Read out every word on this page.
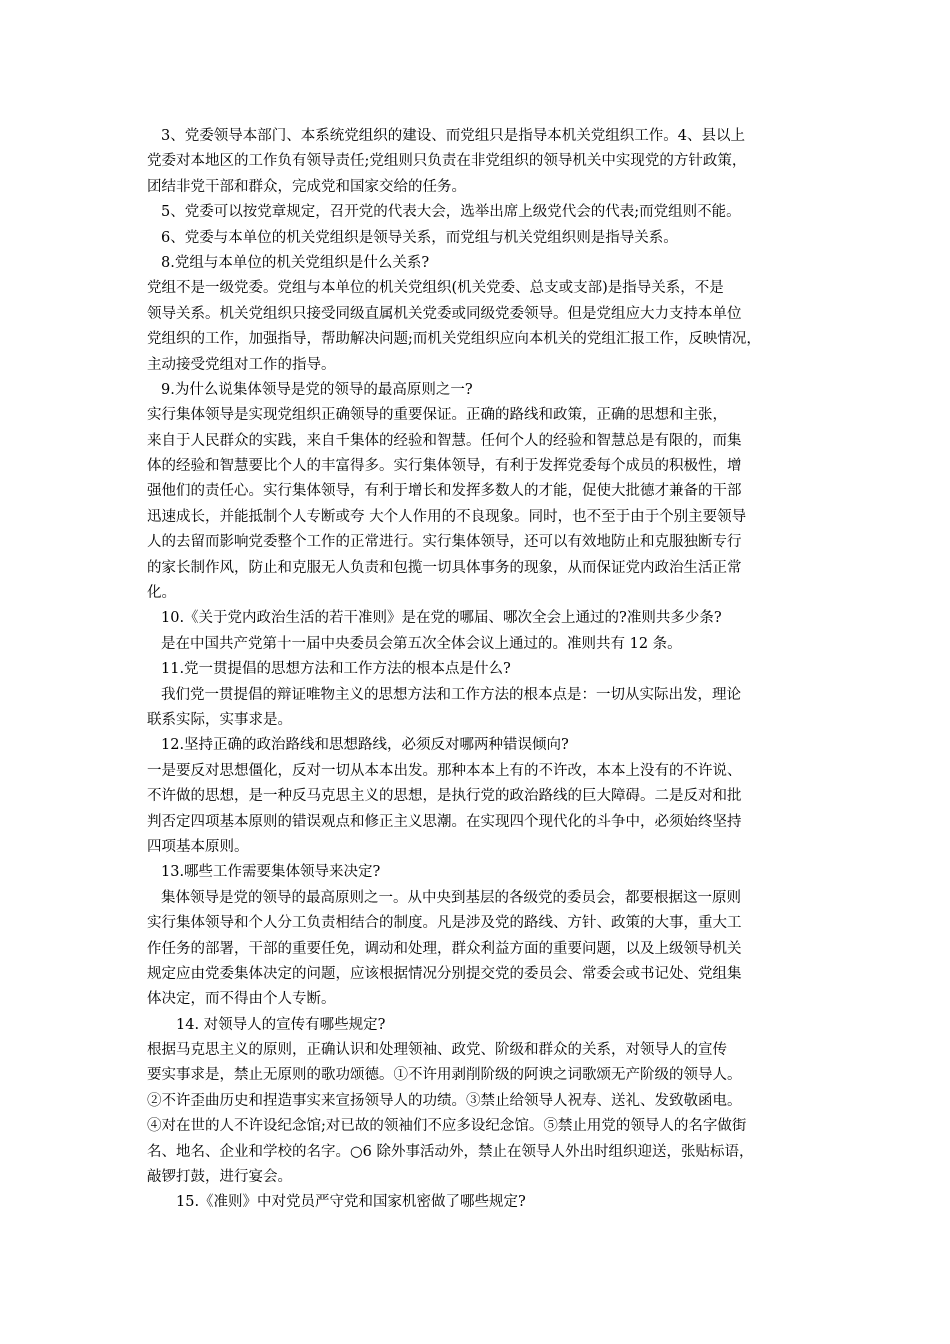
3、党委领导本部门、本系统党组织的建设、而党组只是指导本机关党组织工作。4、县以上
党委对本地区的工作负有领导责任;党组则只负责在非党组织的领导机关中实现党的方针政策，
团结非党干部和群众，完成党和国家交给的任务。
5、党委可以按党章规定，召开党的代表大会，选举出席上级党代会的代表;而党组则不能。
6、党委与本单位的机关党组织是领导关系，而党组与机关党组织则是指导关系。
8.党组与本单位的机关党组织是什么关系?
党组不是一级党委。党组与本单位的机关党组织(机关党委、总支或支部)是指导关系，不是
领导关系。机关党组织只接受同级直属机关党委或同级党委领导。但是党组应大力支持本单位
党组织的工作，加强指导，帮助解决问题;而机关党组织应向本机关的党组汇报工作，反映情况，
主动接受党组对工作的指导。
9.为什么说集体领导是党的领导的最高原则之一?
实行集体领导是实现党组织正确领导的重要保证。正确的路线和政策，正确的思想和主张，
来自于人民群众的实践，来自千集体的经验和智慧。任何个人的经验和智慧总是有限的，而集
体的经验和智慧要比个人的丰富得多。实行集体领导，有利于发挥党委每个成员的积极性，增
强他们的责任心。实行集体领导，有利于增长和发挥多数人的才能，促使大批德才兼备的干部
迅速成长，并能抵制个人专断或夸 大个人作用的不良现象。同时，也不至于由于个别主要领导
人的去留而影响党委整个工作的正常进行。实行集体领导，还可以有效地防止和克服独断专行
的家长制作风，防止和克服无人负责和包揽一切具体事务的现象，从而保证党内政治生活正常
化。
10.《关于党内政治生活的若干准则》是在党的哪届、哪次全会上通过的?准则共多少条?
是在中国共产党第十一届中央委员会第五次全体会议上通过的。准则共有 12 条。
11.党一贯提倡的思想方法和工作方法的根本点是什么?
我们党一贯提倡的辩证唯物主义的思想方法和工作方法的根本点是：一切从实际出发，理论
联系实际，实事求是。
12.坚持正确的政治路线和思想路线，必须反对哪两种错误倾向?
一是要反对思想僵化，反对一切从本本出发。那种本本上有的不许改，本本上没有的不许说、
不许做的思想，是一种反马克思主义的思想，是执行党的政治路线的巨大障碍。二是反对和批
判否定四项基本原则的错误观点和修正主义思潮。在实现四个现代化的斗争中，必须始终坚持
四项基本原则。
13.哪些工作需要集体领导来决定?
集体领导是党的领导的最高原则之一。从中央到基层的各级党的委员会，都要根据这一原则
实行集体领导和个人分工负责相结合的制度。凡是涉及党的路线、方针、政策的大事，重大工
作任务的部署，干部的重要任免，调动和处理，群众利益方面的重要问题，以及上级领导机关
规定应由党委集体决定的问题，应该根据情况分别提交党的委员会、常委会或书记处、党组集
体决定，而不得由个人专断。
14. 对领导人的宣传有哪些规定?
根据马克思主义的原则，正确认识和处理领袖、政党、阶级和群众的关系，对领导人的宣传
要实事求是，禁止无原则的歌功颂德。①不许用剥削阶级的阿谀之词歌颂无产阶级的领导人。
②不许歪曲历史和捏造事实来宣扬领导人的功绩。③禁止给领导人祝寿、送礼、发致敬函电。
④对在世的人不许设纪念馆;对已故的领袖们不应多设纪念馆。⑤禁止用党的领导人的名字做街
名、地名、企业和学校的名字。○6 除外事活动外，禁止在领导人外出时组织迎送，张贴标语，
敲锣打鼓，进行宴会。
15.《准则》中对党员严守党和国家机密做了哪些规定?
